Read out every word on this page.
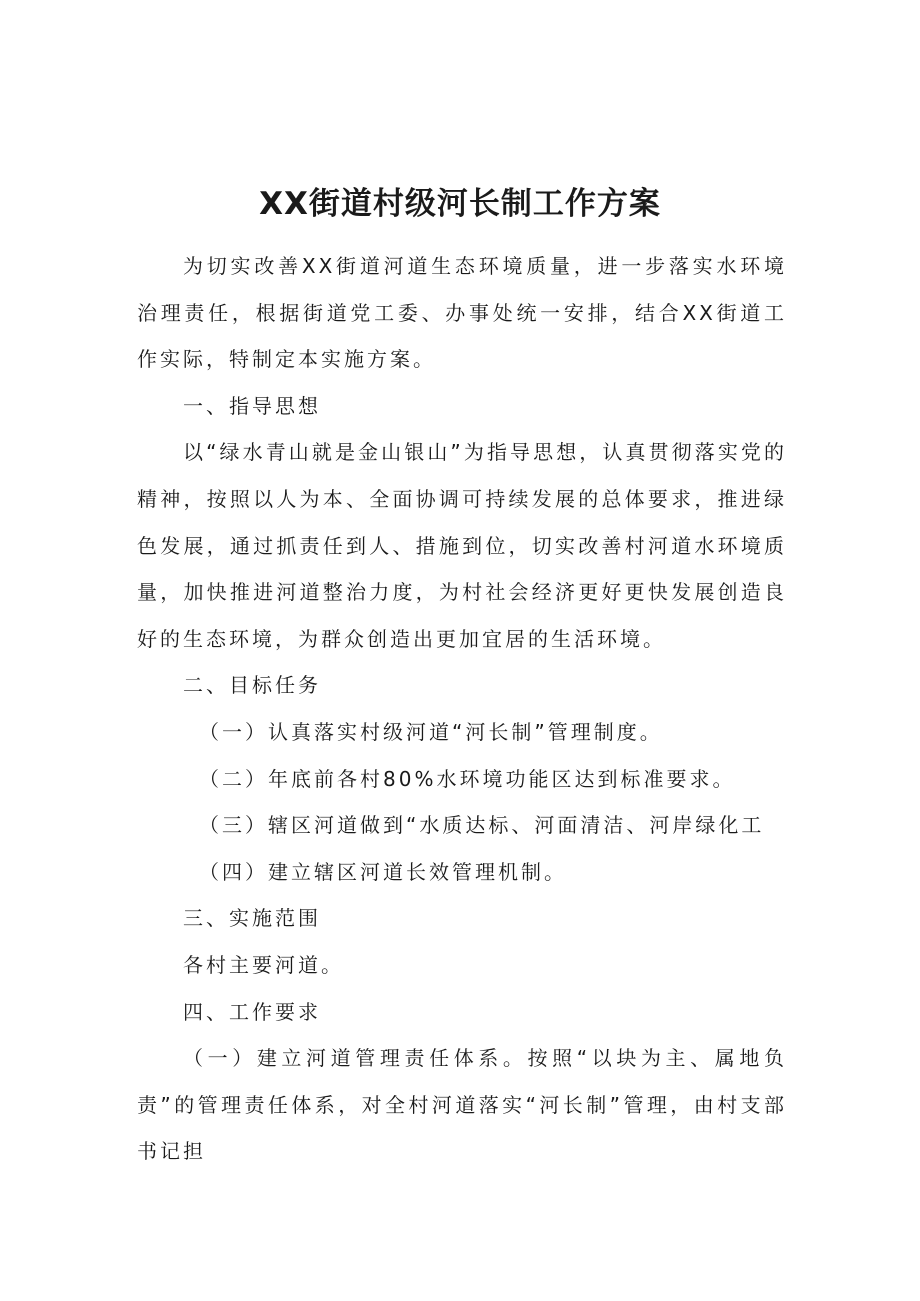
XX街道村级河长制工作方案

为切实改善XX街道河道生态环境质量，进一步落实水环境治理责任，根据街道党工委、办事处统一安排，结合XX街道工作实际，特制定本实施方案。

一、指导思想

以“绿水青山就是金山银山”为指导思想，认真贯彻落实党的精神，按照以人为本、全面协调可持续发展的总体要求，推进绿色发展，通过抓责任到人、措施到位，切实改善村河道水环境质量，加快推进河道整治力度，为村社会经济更好更快发展创造良好的生态环境，为群众创造出更加宜居的生活环境。

二、目标任务

（一）认真落实村级河道“河长制”管理制度。

（二）年底前各村80%水环境功能区达到标准要求。

（三）辖区河道做到“水质达标、河面清洁、河岸绿化工

（四）建立辖区河道长效管理机制。

三、实施范围

各村主要河道。

四、工作要求

（一）建立河道管理责任体系。按照“以块为主、属地负责”的管理责任体系，对全村河道落实“河长制”管理，由村支部书记担
